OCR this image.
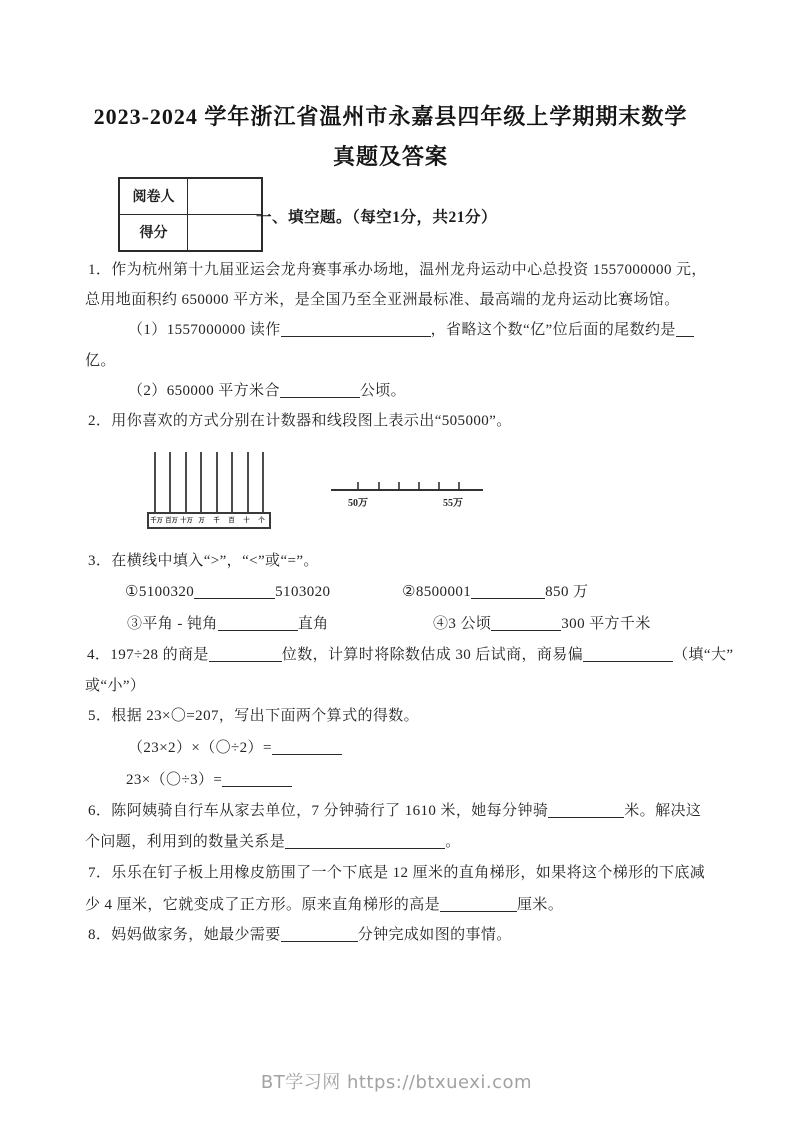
2023-2024 学年浙江省温州市永嘉县四年级上学期期末数学
真题及答案
阅卷人
得分
一、填空题。（每空1分，共21分）
1．作为杭州第十九届亚运会龙舟赛事承办场地，温州龙舟运动中心总投资 1557000000 元，
总用地面积约 650000 平方米，是全国乃至全亚洲最标准、最高端的龙舟运动比赛场馆。
（1）1557000000 读作	，省略这个数“亿”位后面的尾数约是
亿。
（2）650000 平方米合	公顷。
2．用你喜欢的方式分别在计数器和线段图上表示出“505000”。
千万 百万 十万 万	千	百	十	个
50万	55万
3．在横线中填入“>”，“<”或“=”。
①5100320	5103020	②8500001	850 万
③平角 - 钝角	直角	④3 公顷	300 平方千米
4．197÷28 的商是	位数，计算时将除数估成 30 后试商，商易偏	（填“大”
或“小”）
5．根据 23×〇=207，写出下面两个算式的得数。
（23×2）×（〇÷2）=
23×（〇÷3）=
6．陈阿姨骑自行车从家去单位，7 分钟骑行了 1610 米，她每分钟骑	米。解决这
个问题，利用到的数量关系是	。
7．乐乐在钉子板上用橡皮筋围了一个下底是 12 厘米的直角梯形，如果将这个梯形的下底减
少 4 厘米，它就变成了正方形。原来直角梯形的高是	厘米。
8．妈妈做家务，她最少需要	分钟完成如图的事情。
BT学习网 https://btxuexi.com
